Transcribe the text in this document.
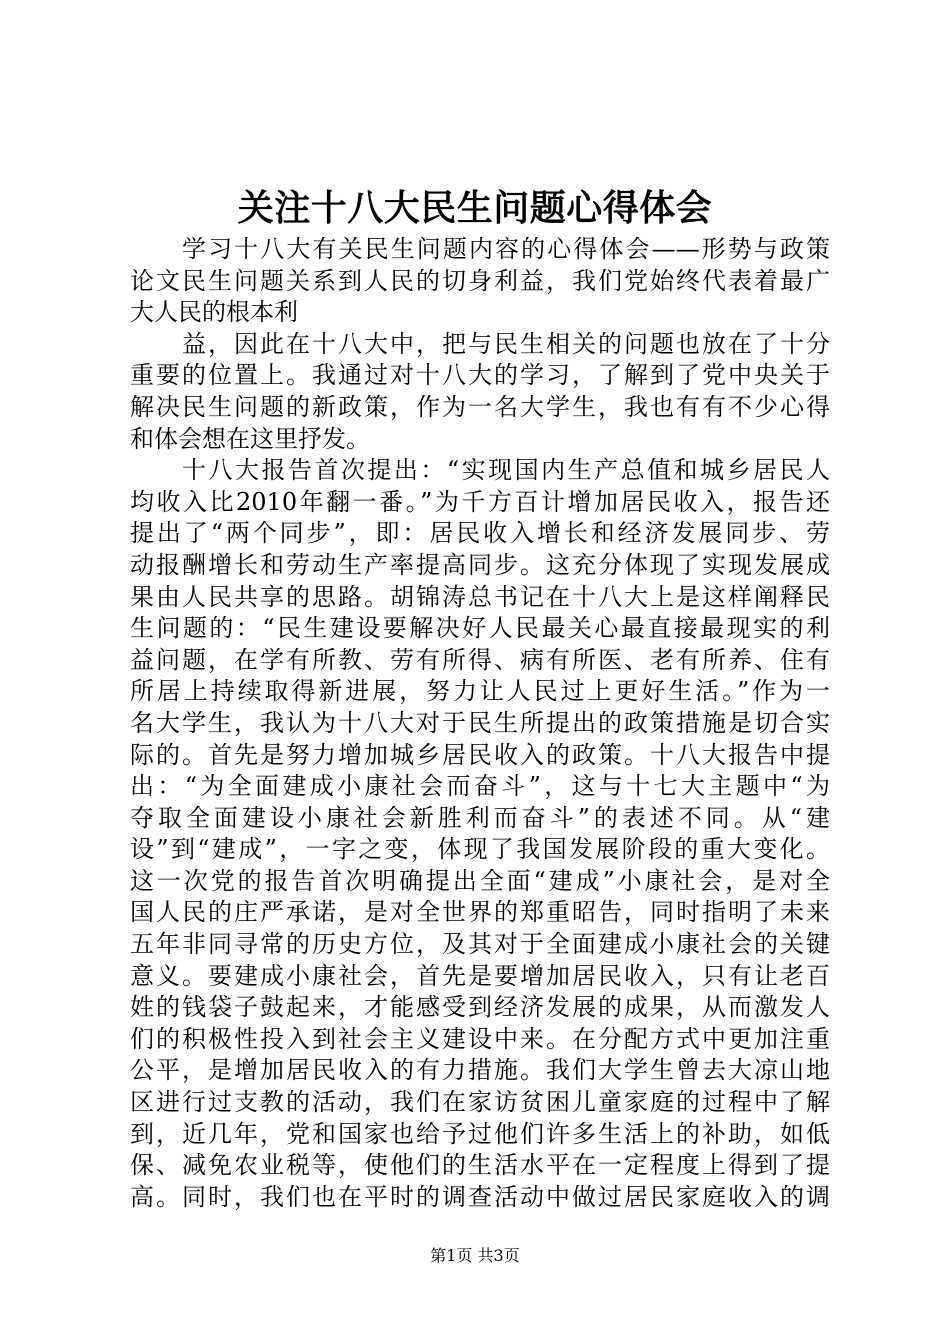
关注十八大民生问题心得体会
学习十八大有关民生问题内容的心得体会——形势与政策
论文民生问题关系到人民的切身利益，我们党始终代表着最广
大人民的根本利
益，因此在十八大中，把与民生相关的问题也放在了十分
重要的位置上。我通过对十八大的学习，了解到了党中央关于
解决民生问题的新政策，作为一名大学生，我也有有不少心得
和体会想在这里抒发。
十八大报告首次提出：“实现国内生产总值和城乡居民人
均收入比2010年翻一番。”为千方百计增加居民收入，报告还
提出了“两个同步”，即：居民收入增长和经济发展同步、劳
动报酬增长和劳动生产率提高同步。这充分体现了实现发展成
果由人民共享的思路。胡锦涛总书记在十八大上是这样阐释民
生问题的：“民生建设要解决好人民最关心最直接最现实的利
益问题，在学有所教、劳有所得、病有所医、老有所养、住有
所居上持续取得新进展，努力让人民过上更好生活。”作为一
名大学生，我认为十八大对于民生所提出的政策措施是切合实
际的。首先是努力增加城乡居民收入的政策。十八大报告中提
出：“为全面建成小康社会而奋斗”，这与十七大主题中“为
夺取全面建设小康社会新胜利而奋斗”的表述不同。从“建
设”到“建成”，一字之变，体现了我国发展阶段的重大变化。
这一次党的报告首次明确提出全面“建成”小康社会，是对全
国人民的庄严承诺，是对全世界的郑重昭告，同时指明了未来
五年非同寻常的历史方位，及其对于全面建成小康社会的关键
意义。要建成小康社会，首先是要增加居民收入，只有让老百
姓的钱袋子鼓起来，才能感受到经济发展的成果，从而激发人
们的积极性投入到社会主义建设中来。在分配方式中更加注重
公平，是增加居民收入的有力措施。我们大学生曾去大凉山地
区进行过支教的活动，我们在家访贫困儿童家庭的过程中了解
到，近几年，党和国家也给予过他们许多生活上的补助，如低
保、减免农业税等，使他们的生活水平在一定程度上得到了提
高。同时，我们也在平时的调查活动中做过居民家庭收入的调
第1页 共3页
